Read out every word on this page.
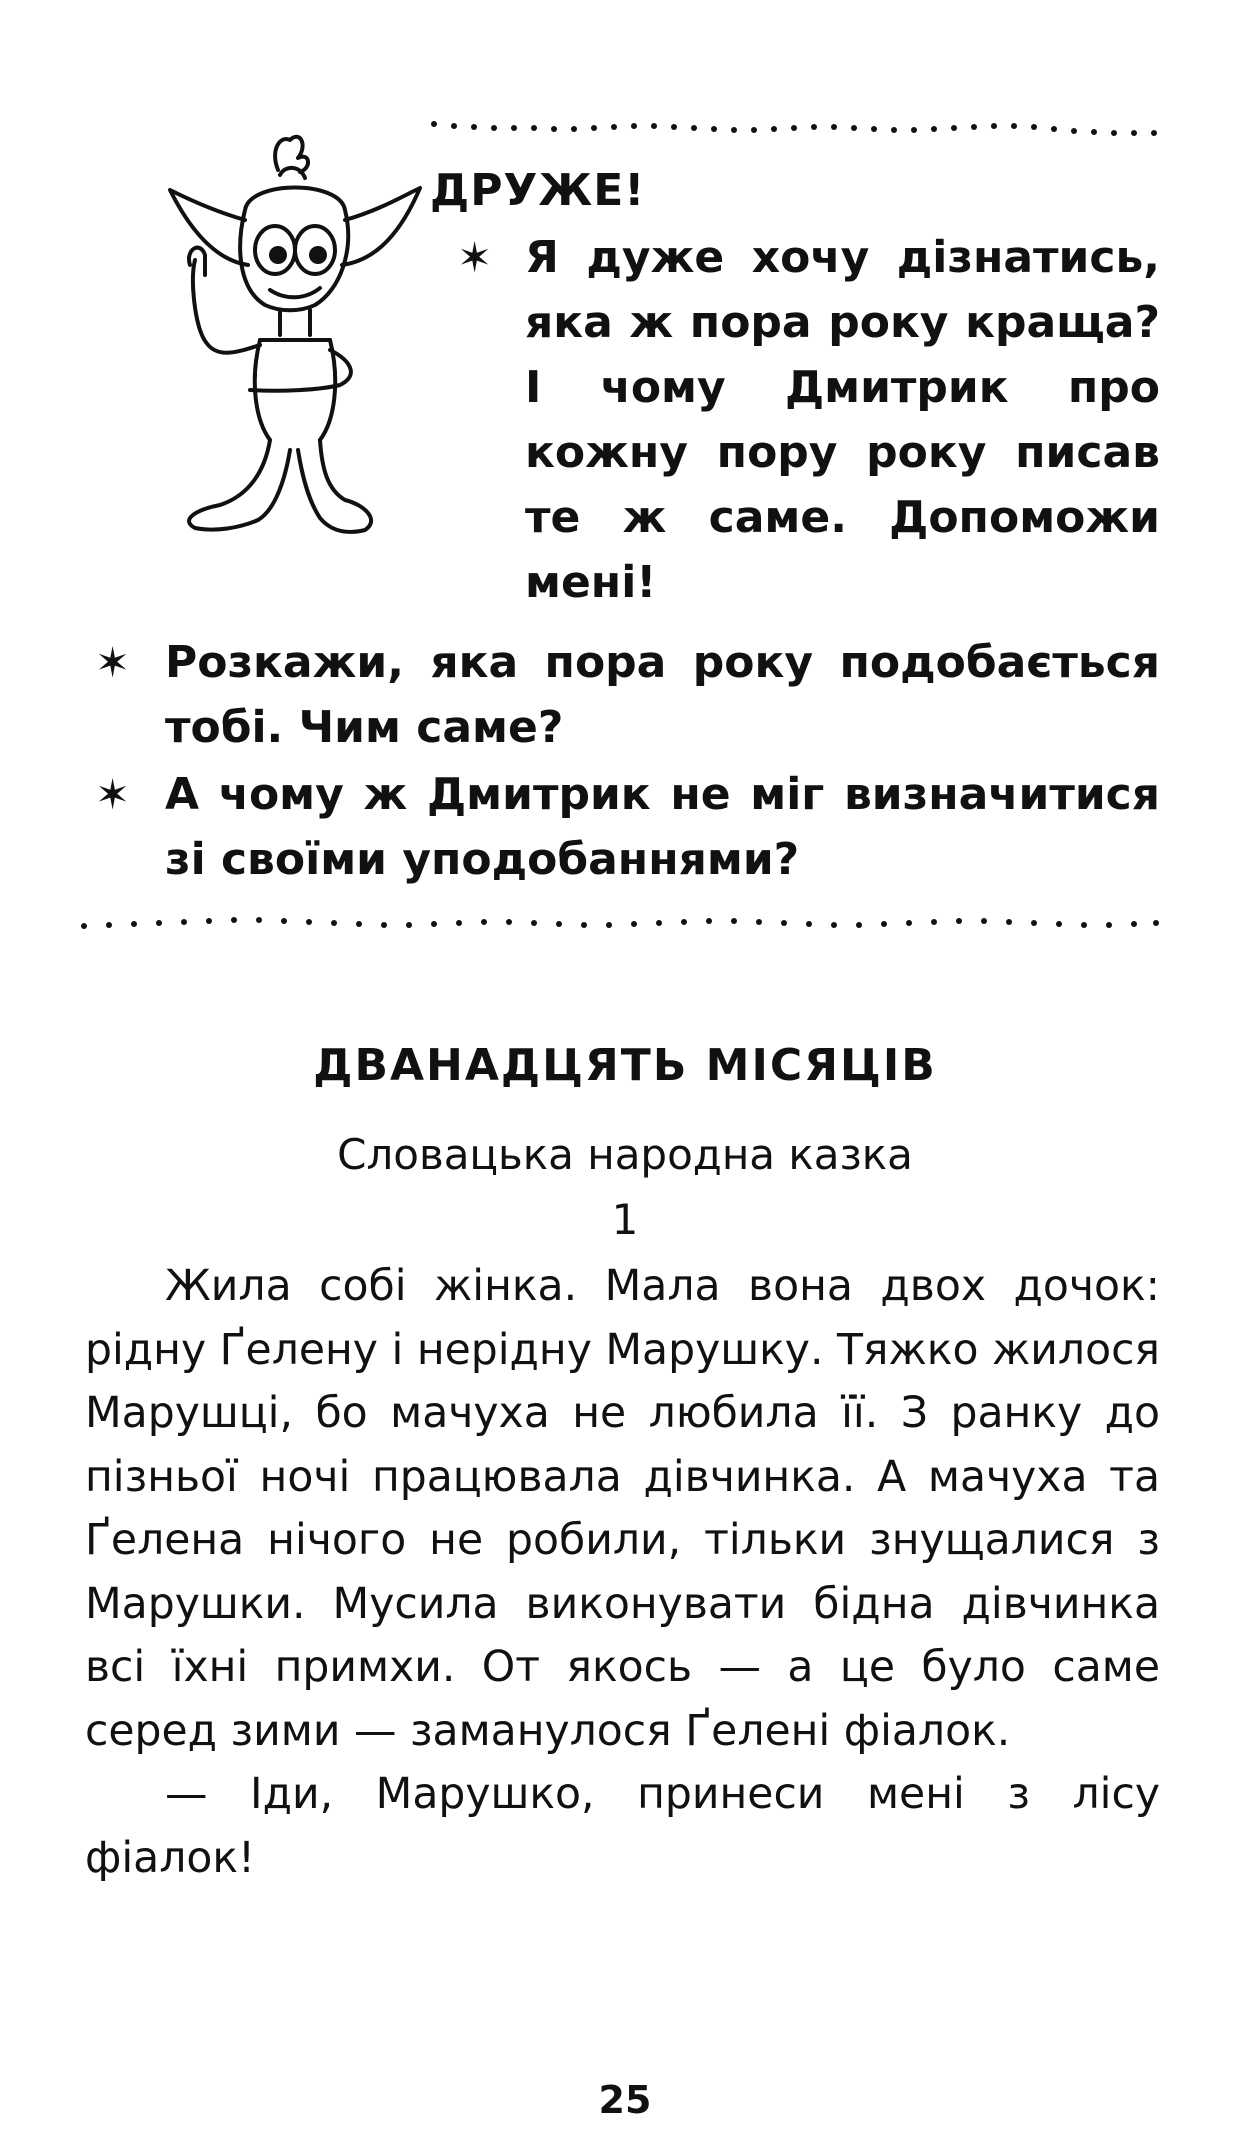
ДРУЖЕ!
✶ Я дуже хочу дізнатись, яка ж пора року краща? І чому Дмитрик про кожну пору року писав те ж саме. Допоможи мені!
✶ Розкажи, яка пора року подобається тобі. Чим саме?
✶ А чому ж Дмитрик не міг визначитися зі своїми уподобаннями?
ДВАНАДЦЯТЬ МІСЯЦІВ
Словацька народна казка
1

Жила собі жінка. Мала вона двох дочок: рідну Ґелену і нерідну Марушку. Тяжко жилося Марушці, бо мачуха не любила її. З ранку до пізньої ночі працювала дівчинка. А мачуха та Ґелена нічого не робили, тільки знущалися з Марушки. Мусила виконувати бідна дівчинка всі їхні примхи. От якось — а це було саме серед зими — заманулося Ґелені фіалок.

— Іди, Марушко, принеси мені з лісу фіалок!

25
